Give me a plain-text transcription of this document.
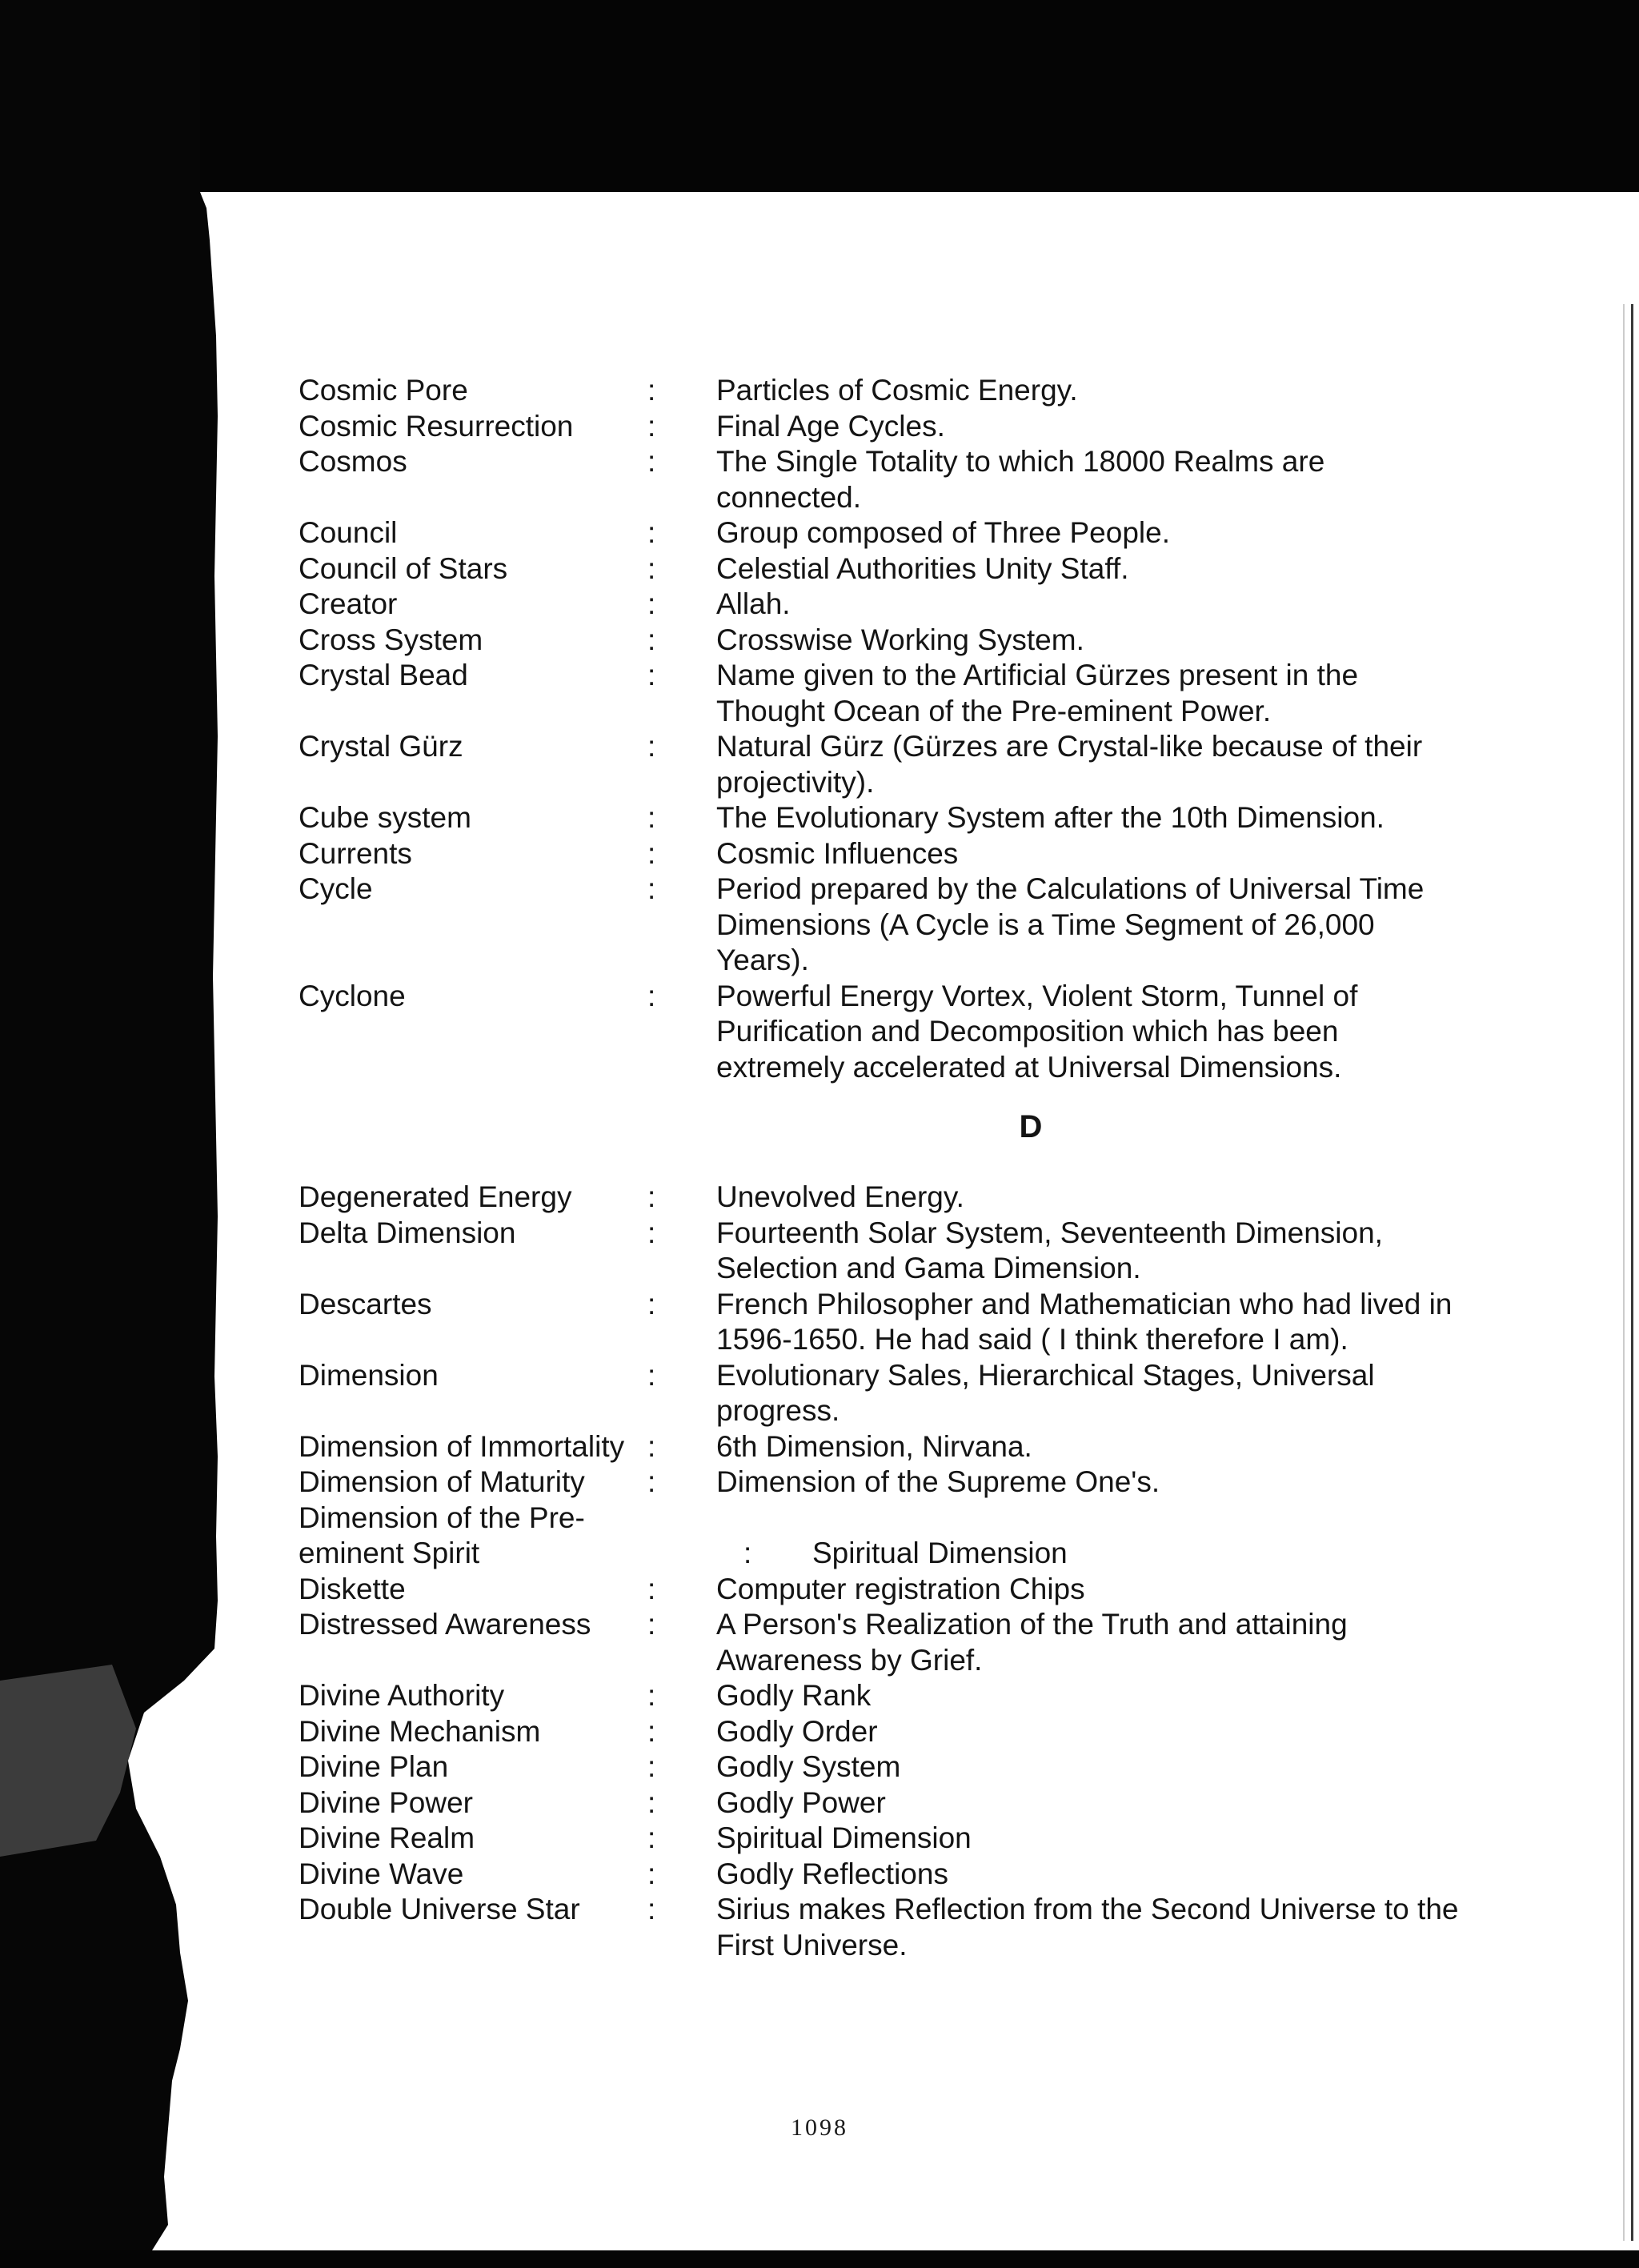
Cosmic Pore	:	Particles of Cosmic Energy.
Cosmic Resurrection	:	Final Age Cycles.
Cosmos	:	The Single Totality to which 18000 Realms are connected.
Council	:	Group composed of Three People.
Council of Stars	:	Celestial Authorities Unity Staff.
Creator	:	Allah.
Cross System	:	Crosswise Working System.
Crystal Bead	:	Name given to the Artificial Gürzes present in the Thought Ocean of the Pre-eminent Power.
Crystal Gürz	:	Natural Gürz (Gürzes are Crystal-like because of their projectivity).
Cube system	:	The Evolutionary System after the 10th Dimension.
Currents	:	Cosmic Influences
Cycle	:	Period prepared by the Calculations of Universal Time Dimensions (A Cycle is a Time Segment of 26,000 Years).
Cyclone	:	Powerful Energy Vortex, Violent Storm, Tunnel of Purification and Decomposition which has been extremely accelerated at Universal Dimensions.
D
Degenerated Energy	:	Unevolved Energy.
Delta Dimension	:	Fourteenth Solar System, Seventeenth Dimension, Selection and Gama Dimension.
Descartes	:	French Philosopher and Mathematician who had lived in 1596-1650. He had said ( I think therefore I am).
Dimension	:	Evolutionary Sales, Hierarchical Stages, Universal progress.
Dimension of Immortality :	6th Dimension, Nirvana.
Dimension of Maturity	:	Dimension of the Supreme One's.
Dimension of the Pre-eminent Spirit	:	Spiritual Dimension
Diskette	:	Computer registration Chips
Distressed Awareness	:	A Person's Realization of the Truth and attaining Awareness by Grief.
Divine Authority	:	Godly Rank
Divine Mechanism	:	Godly Order
Divine Plan	:	Godly System
Divine Power	:	Godly Power
Divine Realm	:	Spiritual Dimension
Divine Wave	:	Godly Reflections
Double Universe Star	:	Sirius makes Reflection from the Second Universe to the First Universe.
1098
